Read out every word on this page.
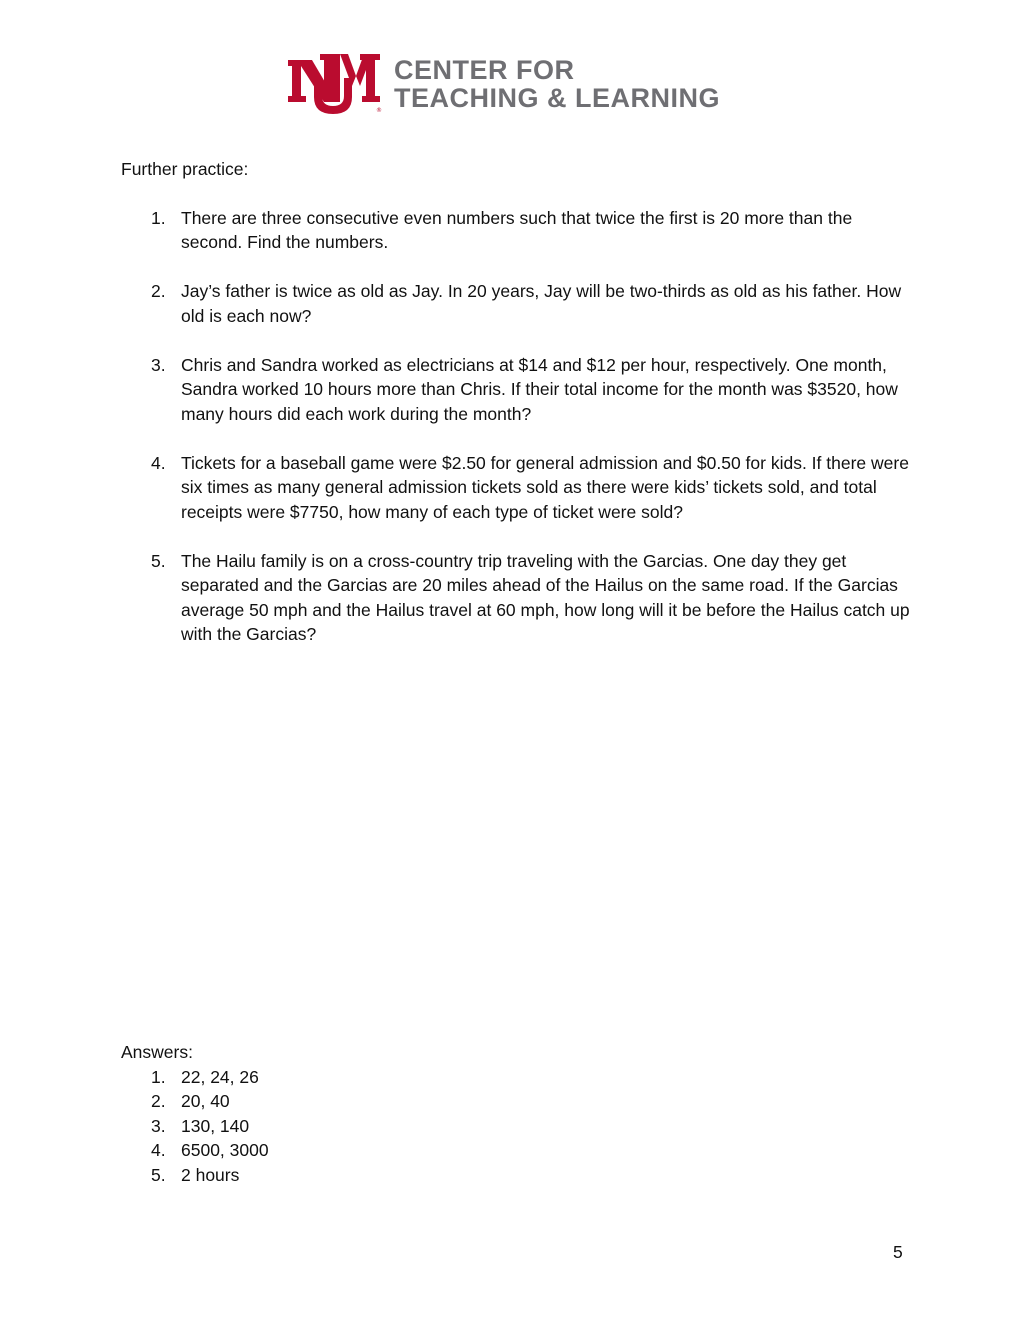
®
CENTER FOR
TEACHING & LEARNING

Further practice:

1. There are three consecutive even numbers such that twice the first is 20 more than the second. Find the numbers.
2. Jay’s father is twice as old as Jay. In 20 years, Jay will be two-thirds as old as his father. How old is each now?
3. Chris and Sandra worked as electricians at $14 and $12 per hour, respectively. One month, Sandra worked 10 hours more than Chris. If their total income for the month was $3520, how many hours did each work during the month?
4. Tickets for a baseball game were $2.50 for general admission and $0.50 for kids. If there were six times as many general admission tickets sold as there were kids’ tickets sold, and total receipts were $7750, how many of each type of ticket were sold?
5. The Hailu family is on a cross-country trip traveling with the Garcias. One day they get separated and the Garcias are 20 miles ahead of the Hailus on the same road. If the Garcias average 50 mph and the Hailus travel at 60 mph, how long will it be before the Hailus catch up with the Garcias?
Answers:
1. 22, 24, 26
2. 20, 40
3. 130, 140
4. 6500, 3000
5. 2 hours
5
